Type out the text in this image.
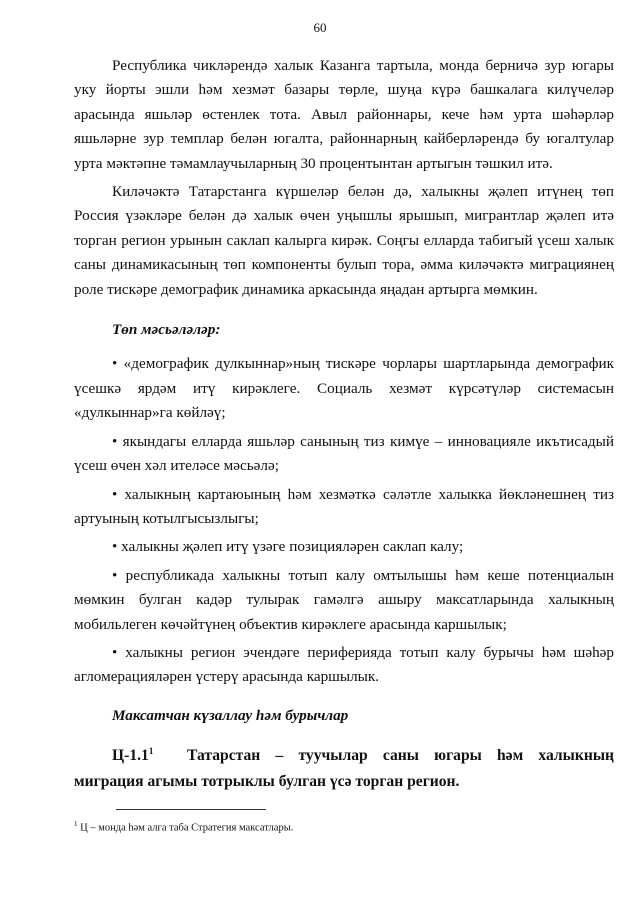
60

Республика чикләрендә халык Казанга тартыла, монда берничә зур югары уку йорты эшли һәм хезмәт базары төрле, шуңа күрә башкалага килүчеләр арасында яшьләр өстенлек тота. Авыл районнары, кече һәм урта шәһәрләр яшьләрне зур темплар белән югалта, районнарның кайберләрендә бу югалтулар урта мәктәпне тәмамлаучыларның 30 процентынтан артыгын тәшкил итә.

Киләчәктә Татарстанга күршеләр белән дә, халыкны җәлеп итүнең төп Россия үзәкләре белән дә халык өчен уңышлы ярышып, мигрантлар җәлеп итә торган регион урынын саклап калырга кирәк. Соңгы елларда табигый үсеш халык саны динамикасының төп компоненты булып тора, әмма киләчәктә миграциянең роле тискәре демографик динамика аркасында яңадан артырга мөмкин.

Төп мәсьәләләр:

• «демографик дулкыннар»ның тискәре чорлары шартларында демографик үсешкә ярдәм итү кирәклеге. Социаль хезмәт күрсәтүләр системасын «дулкыннар»га көйләү;

• якындагы елларда яшьләр санының тиз кимүе – инновацияле икътисадый үсеш өчен хәл ителәсе мәсьәлә;

• халыкның картаюының һәм хезмәткә сәләтле халыкка йөкләнешнең тиз артуының котылгысызлыгы;

• халыкны җәлеп итү үзәге позицияләрен саклап калу;

• республикада халыкны тотып калу омтылышы һәм кеше потенциалын мөмкин булган кадәр тулырак гамәлгә ашыру максатларында халыкның мобильлеген көчәйтүнең объектив кирәклеге арасында каршылык;

• халыкны регион эчендәге периферияда тотып калу бурычы һәм шәһәр агломерацияләрен үстерү арасында каршылык.

Максатчан күзаллау һәм бурычлар

$Ц-1.1^1$ Татарстан – туучылар саны югары һәм халыкның миграция агымы тотрыклы булган үсә торган регион.

$^1$ Ц – монда һәм алга таба Стратегия максатлары.
